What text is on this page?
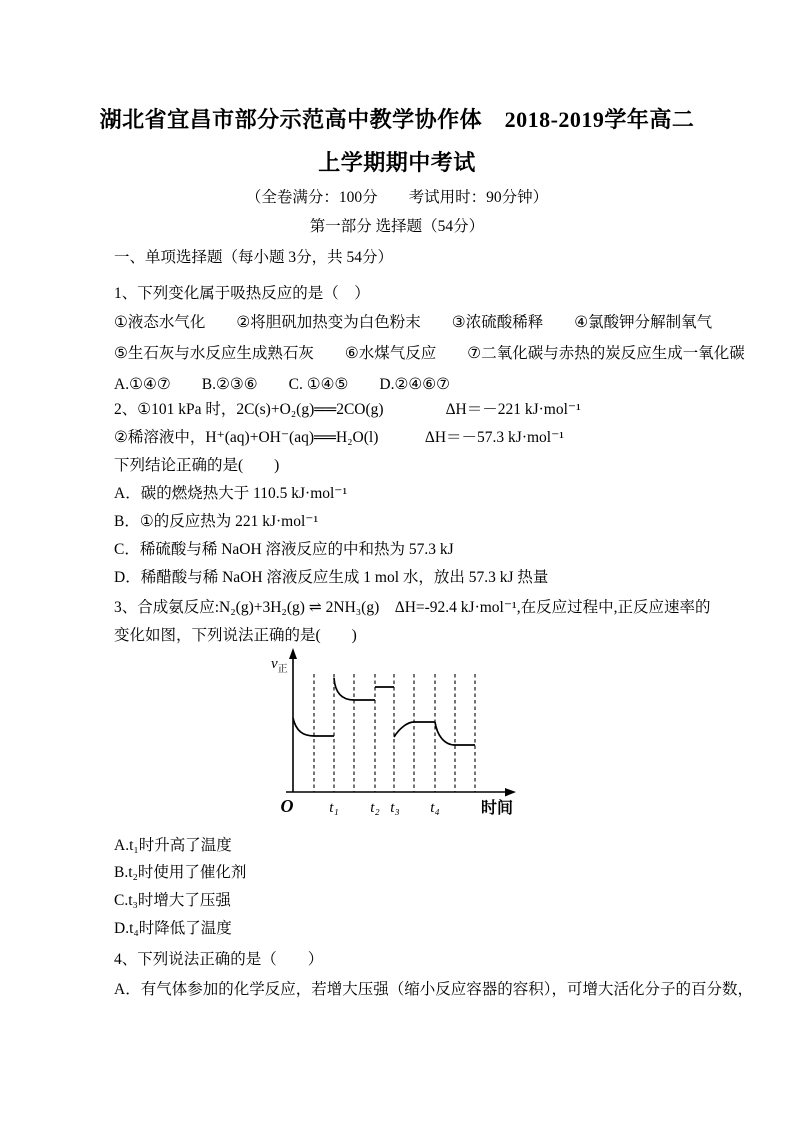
湖北省宜昌市部分示范高中教学协作体　2018-2019学年高二
上学期期中考试
（全卷满分：100分　　考试用时：90分钟）
第一部分 选择题（54分）
一、单项选择题（每小题 3分，共 54分）
1、下列变化属于吸热反应的是（　）
①液态水气化　　②将胆矾加热变为白色粉末　　③浓硫酸稀释　　④氯酸钾分解制氧气
⑤生石灰与水反应生成熟石灰　　⑥水煤气反应　　⑦二氧化碳与赤热的炭反应生成一氧化碳
A.①④⑦　　B.②③⑥　　C. ①④⑤　　D.②④⑥⑦
2、①101 kPa 时，2C(s)+O₂(g)══2CO(g)　　　　ΔH＝－221 kJ·mol⁻¹
②稀溶液中，H⁺(aq)+OH⁻(aq)══H₂O(l)　　　ΔH＝－57.3 kJ·mol⁻¹
下列结论正确的是(　　)
A．碳的燃烧热大于 110.5 kJ·mol⁻¹
B．①的反应热为 221 kJ·mol⁻¹
C．稀硫酸与稀 NaOH 溶液反应的中和热为 57.3 kJ
D．稀醋酸与稀 NaOH 溶液反应生成 1 mol 水，放出 57.3 kJ 热量
3、合成氨反应:N₂(g)+3H₂(g) ⇌ 2NH₃(g)　ΔH=-92.4 kJ·mol⁻¹,在反应过程中,正反应速率的
变化如图，下列说法正确的是(　　)
$v_正$
O t₁ t₂ t₃ t₄	时间
A.t₁时升高了温度
B.t₂时使用了催化剂
C.t₃时增大了压强
D.t₄时降低了温度
4、下列说法正确的是（　　）
A．有气体参加的化学反应，若增大压强（缩小反应容器的容积），可增大活化分子的百分数，
